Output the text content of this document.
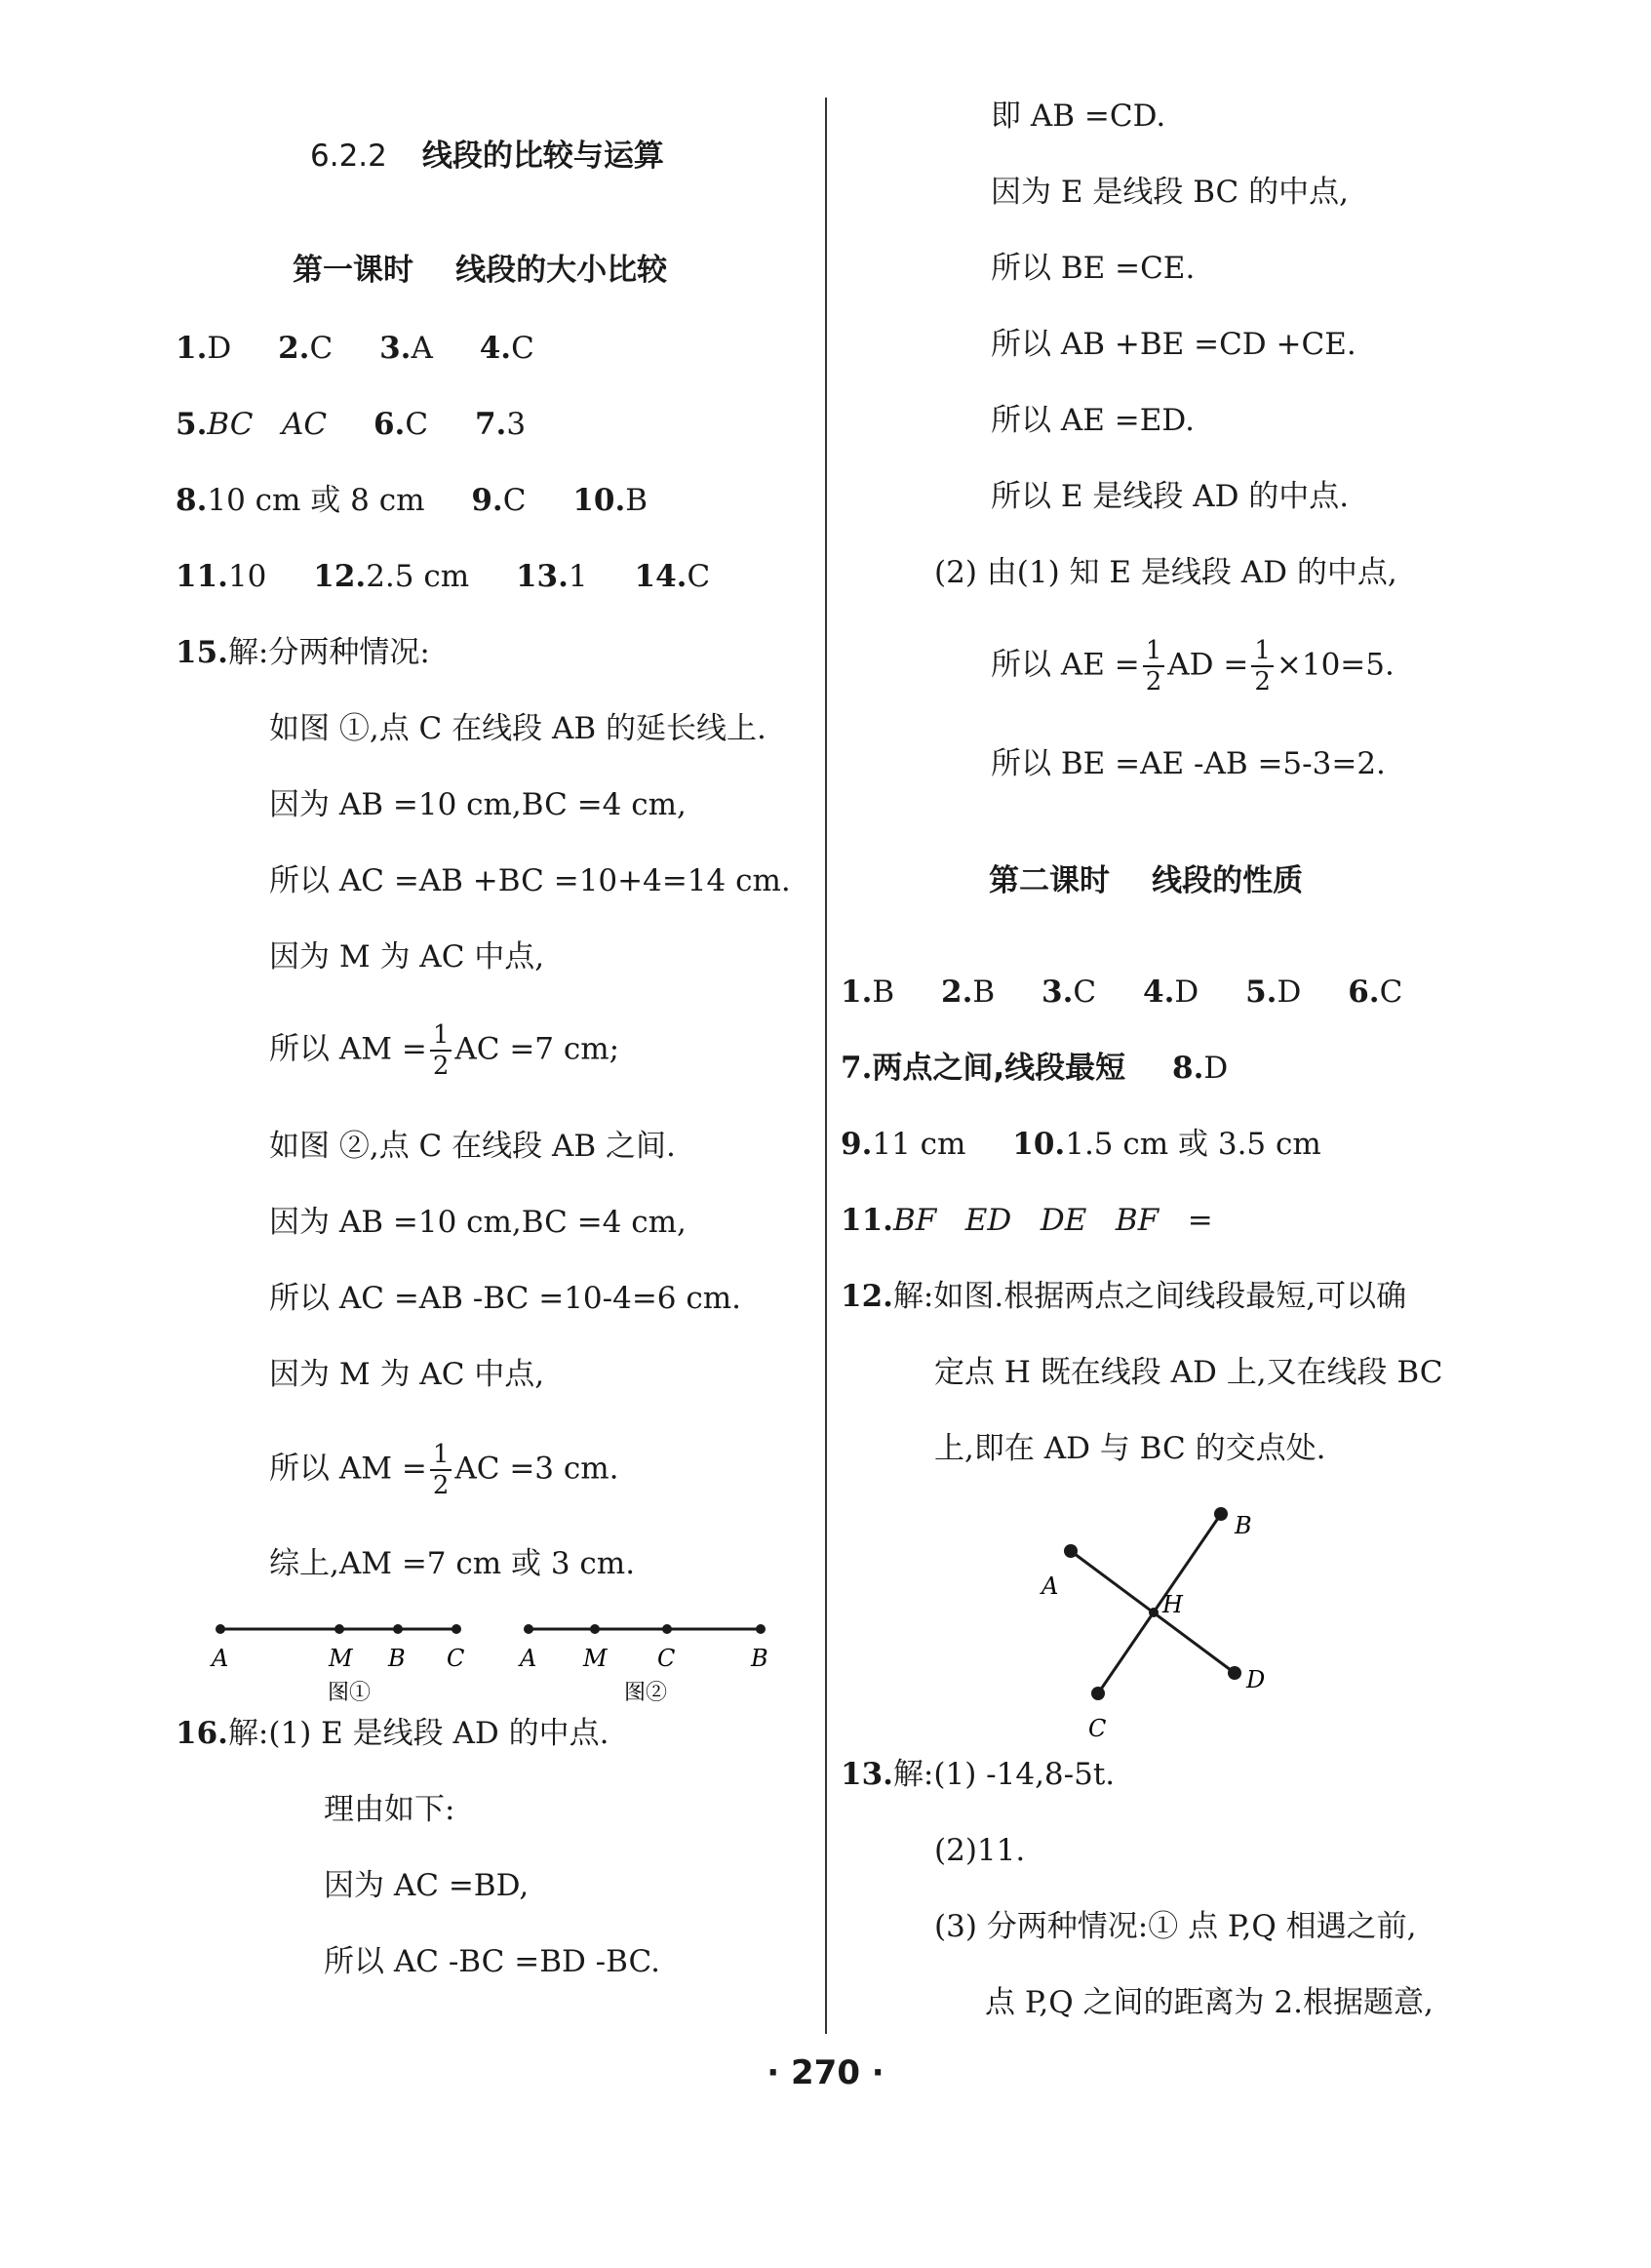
6.2.2 线段的比较与运算
第一课时    线段的大小比较
1.D 2.C 3.A 4.C
5.BC   AC 6.C 7.3
8.10 cm 或 8 cm 9.C 10.B
11.10 12.2.5 cm 13.1 14.C
15.解:分两种情况:
如图 ①,点 C 在线段 AB 的延长线上.
因为 AB =10 cm,BC =4 cm,
所以 AC =AB +BC =10+4=14 cm.
因为 M 为 AC 中点,
所以 AM = $\frac{1}{2}$ AC =7 cm;
如图 ②,点 C 在线段 AB 之间.
因为 AB =10 cm,BC =4 cm,
所以 AC =AB -BC =10-4=6 cm.
因为 M 为 AC 中点,
所以 AM = $\frac{1}{2}$ AC =3 cm.
综上,AM =7 cm 或 3 cm.
A	M B C
图①
A M C	B
图②
16.解:(1) E 是线段 AD 的中点.
理由如下:
因为 AC =BD,
所以 AC -BC =BD -BC.
即 AB =CD.
因为 E 是线段 BC 的中点,
所以 BE =CE.
所以 AB +BE =CD +CE.
所以 AE =ED.
所以 E 是线段 AD 的中点.
(2) 由(1) 知 E 是线段 AD 的中点,
所以 AE = $\frac{1}{2}$ AD = $\frac{1}{2} \times 10=5$.
所以 BE =AE -AB =5-3=2.
第二课时    线段的性质
1.B 2.B 3.C 4.D 5.D 6.C
7.两点之间,线段最短 8.D
9.11 cm 10.1.5 cm 或 3.5 cm
11.BF   ED   DE   BF   =
12.解:如图.根据两点之间线段最短,可以确
定点 H 既在线段 AD 上,又在线段 BC
上,即在 AD 与 BC 的交点处.
A
B
C
D
H
13.解:(1) -14,8-5t.
(2)11.
(3) 分两种情况:① 点 P,Q 相遇之前,
点 P,Q 之间的距离为 2.根据题意,
· 270 ·
